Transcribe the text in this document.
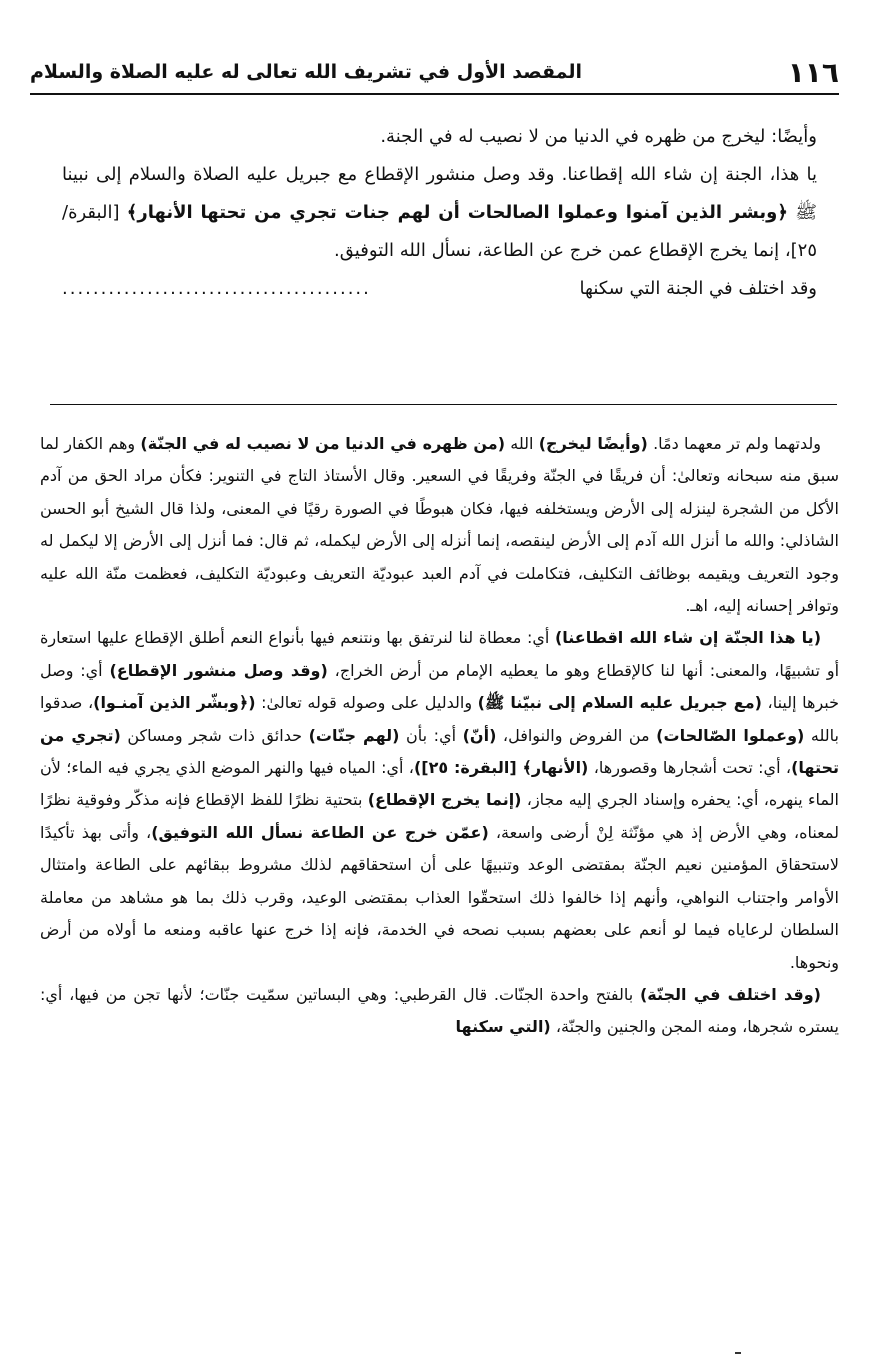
١١٦
المقصد الأول في تشريف الله تعالى له عليه الصلاة والسلام

وأيضًا: ليخرج من ظهره في الدنيا من لا نصيب له في الجنة.

يا هذا، الجنة إن شاء الله إقطاعنا. وقد وصل منشور الإقطاع مع جبريل عليه الصلاة والسلام إلى نبينا ﷺ ﴿وبشر الذين آمنوا وعملوا الصالحات أن لهم جنات تجري من تحتها الأنهار﴾ [البقرة/٢٥]، إنما يخرج الإقطاع عمن خرج عن الطاعة، نسأل الله التوفيق.

وقد اختلف في الجنة التي سكنها
........................................

ولدتهما ولم تر معهما دمًا. (وأيضًا ليخرج) الله (من ظهره في الدنيا من لا نصيب له في الجنّة) وهم الكفار لما سبق منه سبحانه وتعالىٰ: أن فريقًا في الجنّة وفريقًا في السعير. وقال الأستاذ التاج في التنوير: فكأن مراد الحق من آدم الأكل من الشجرة لينزله إلى الأرض ويستخلفه فيها، فكان هبوطًا في الصورة رقيًا في المعنى، ولذا قال الشيخ أبو الحسن الشاذلي: والله ما أنزل الله آدم إلى الأرض لينقصه، إنما أنزله إلى الأرض ليكمله، ثم قال: فما أنزل إلى الأرض إلا ليكمل له وجود التعريف ويقيمه بوظائف التكليف، فتكاملت في آدم العبد عبوديّة التعريف وعبوديّة التكليف، فعظمت منّة الله عليه وتوافر إحسانه إليه، اهـ.

(يا هذا الجنّة إن شاء الله اقطاعنا) أي: معطاة لنا لنرتفق بها ونتنعم فيها بأنواع النعم أطلق الإقطاع عليها استعارة أو تشبيهًا، والمعنى: أنها لنا كالإقطاع وهو ما يعطيه الإمام من أرض الخراج، (وقد وصل منشور الإقطاع) أي: وصل خبرها إلينا، (مع جبريل عليه السلام إلى نبيّنا ﷺ) والدليل على وصوله قوله تعالىٰ: (﴿وبشّر الذين آمنـوا)، صدقوا بالله (وعملوا الصّالحات) من الفروض والنوافل، (أنّ) أي: بأن (لهم جنّات) حدائق ذات شجر ومساكن (تجري من تحتها)، أي: تحت أشجارها وقصورها، (الأنهار﴾ [البقرة: ٢٥])، أي: المياه فيها والنهر الموضع الذي يجري فيه الماء؛ لأن الماء ينهره، أي: يحفره وإسناد الجري إليه مجاز، (إنما يخرج الإقطاع) بتحتية نظرًا للفظ الإقطاع فإنه مذكّر وفوقية نظرًا لمعناه، وهي الأرض إذ هي مؤنّثة لِنْ أرضى واسعة، (عمّن خرج عن الطاعة نسأل الله التوفيق)، وأتى بهذ تأكيدًا لاستحقاق المؤمنين نعيم الجنّة بمقتضى الوعد وتنبيهًا على أن استحقاقهم لذلك مشروط ببقائهم على الطاعة وامتثال الأوامر واجتناب النواهي، وأنهم إذا خالفوا ذلك استحقّوا العذاب بمقتضى الوعيد، وقرب ذلك بما هو مشاهد من معاملة السلطان لرعاياه فيما لو أنعم على بعضهم بسبب نصحه في الخدمة، فإنه إذا خرج عنها عاقبه ومنعه ما أولاه من أرض ونحوها.

(وقد اختلف في الجنّة) بالفتح واحدة الجنّات. قال القرطبي: وهي البساتين سمّيت جنّات؛ لأنها تجن من فيها، أي: يستره شجرها، ومنه المجن والجنين والجنّة، (التي سكنها
